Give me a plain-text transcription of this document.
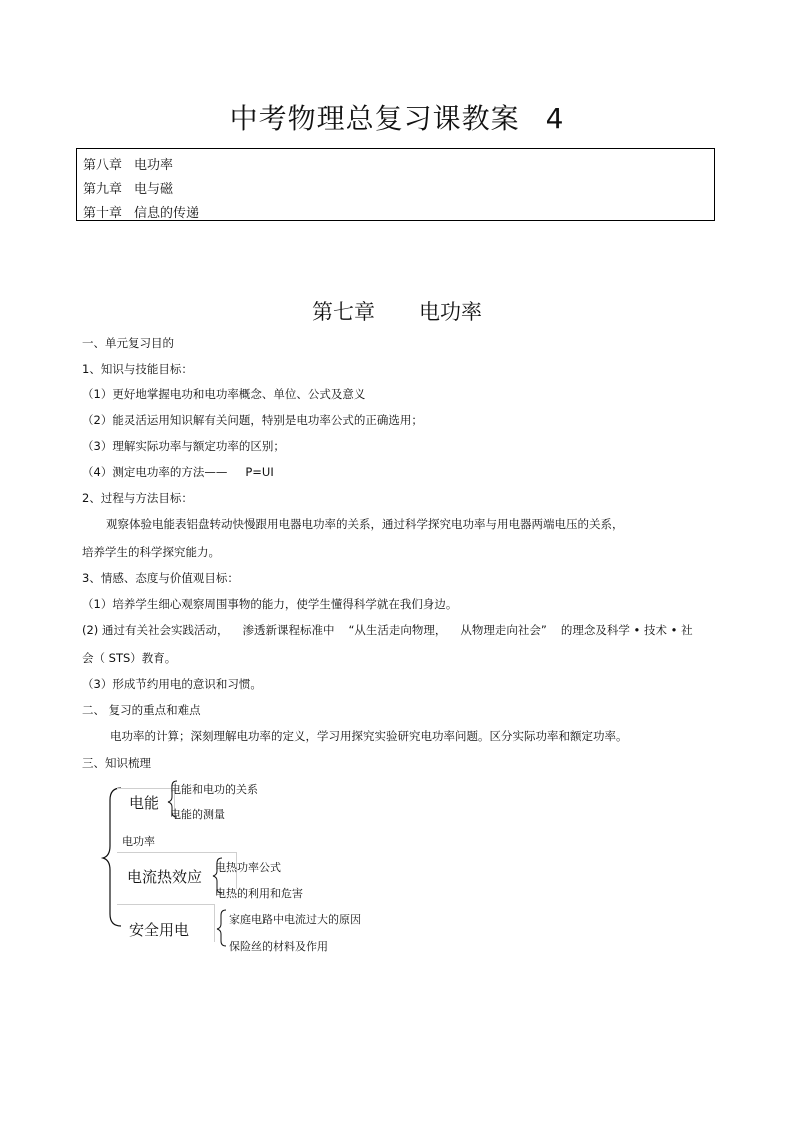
中考物理总复习课教案 4
第八章 电功率
第九章 电与磁
第十章 信息的传递
第七章 电功率
一、单元复习目的
1、知识与技能目标：
（1）更好地掌握电功和电功率概念、单位、公式及意义
（2）能灵活运用知识解有关问题，特别是电功率公式的正确选用；
（3）理解实际功率与额定功率的区别；
（4）测定电功率的方法—— P=UI
2、过程与方法目标：
观察体验电能表铝盘转动快慢跟用电器电功率的关系，通过科学探究电功率与用电器两端电压的关系，
培养学生的科学探究能力。
3、情感、态度与价值观目标：
（1）培养学生细心观察周围事物的能力，使学生懂得科学就在我们身边。
(2) 通过有关社会实践活动， 渗透新课程标准中 “从生活走向物理， 从物理走向社会” 的理念及科学 • 技术 • 社
会（ STS）教育。
（3）形成节约用电的意识和习惯。
二、 复习的重点和难点
电功率的计算；深刻理解电功率的定义，学习用探究实验研究电功率问题。区分实际功率和额定功率。
三、知识梳理
电能
电能和电功的关系
电能的测量
电功率
电流热效应
电热功率公式
电热的利用和危害
安全用电
家庭电路中电流过大的原因
保险丝的材料及作用
